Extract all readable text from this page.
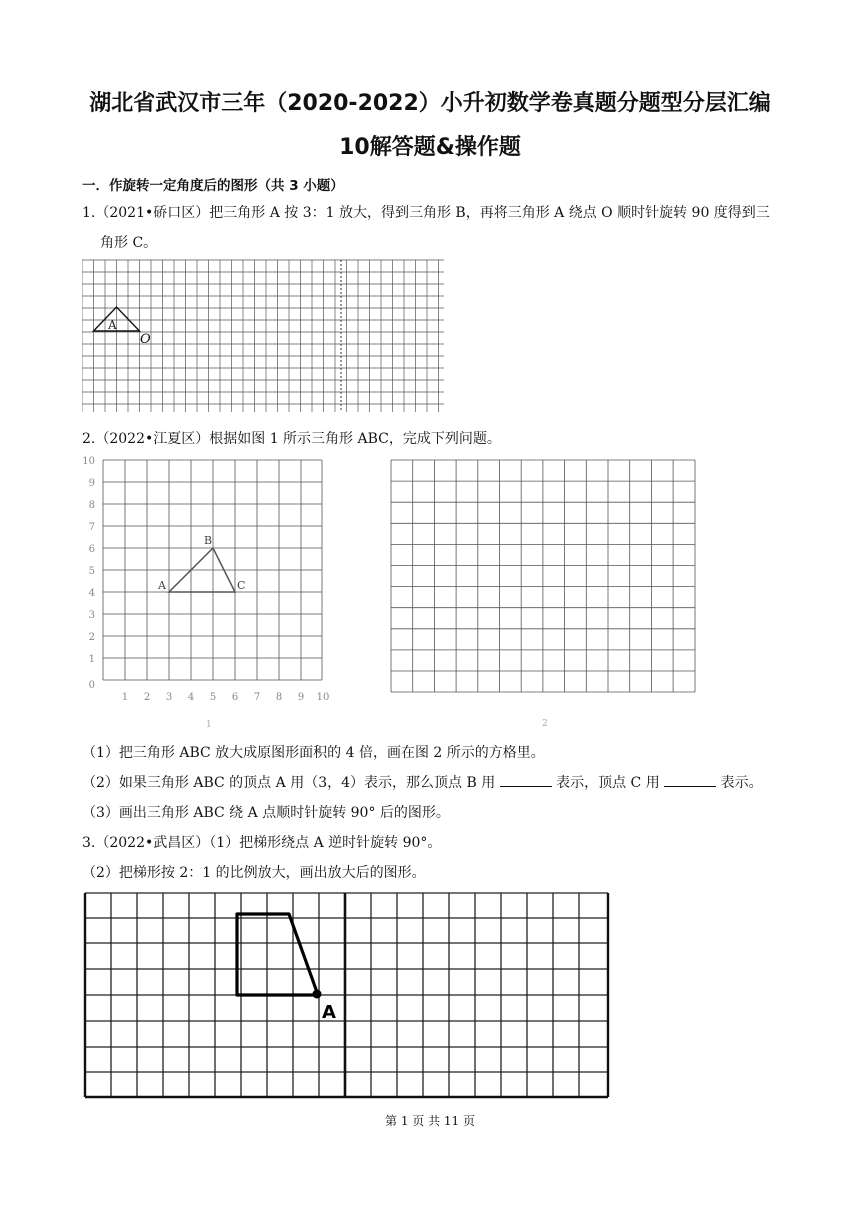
湖北省武汉市三年（2020-2022）小升初数学卷真题分题型分层汇编
10解答题&操作题
一．作旋转一定角度后的图形（共 3 小题）
1.（2021•硚口区）把三角形 A 按 3：1 放大，得到三角形 B，再将三角形 A 绕点 O 顺时针旋转 90 度得到三
角形 C。
A
O
2.（2022•江夏区）根据如图 1 所示三角形 ABC，完成下列问题。
10
9
8
7
6
5
4
3
2
1
0
1 2 3 4 5 6 7 8 9 10
A
B
C
1	2
（1）把三角形 ABC 放大成原图形面积的 4 倍，画在图 2 所示的方格里。
（2）如果三角形 ABC 的顶点 A 用（3，4）表示，那么顶点 B 用	表示，顶点 C 用	表示。
（3）画出三角形 ABC 绕 A 点顺时针旋转 90° 后的图形。
3.（2022•武昌区）（1）把梯形绕点 A 逆时针旋转 90°。
（2）把梯形按 2：1 的比例放大，画出放大后的图形。
A
第 1 页 共 11 页
